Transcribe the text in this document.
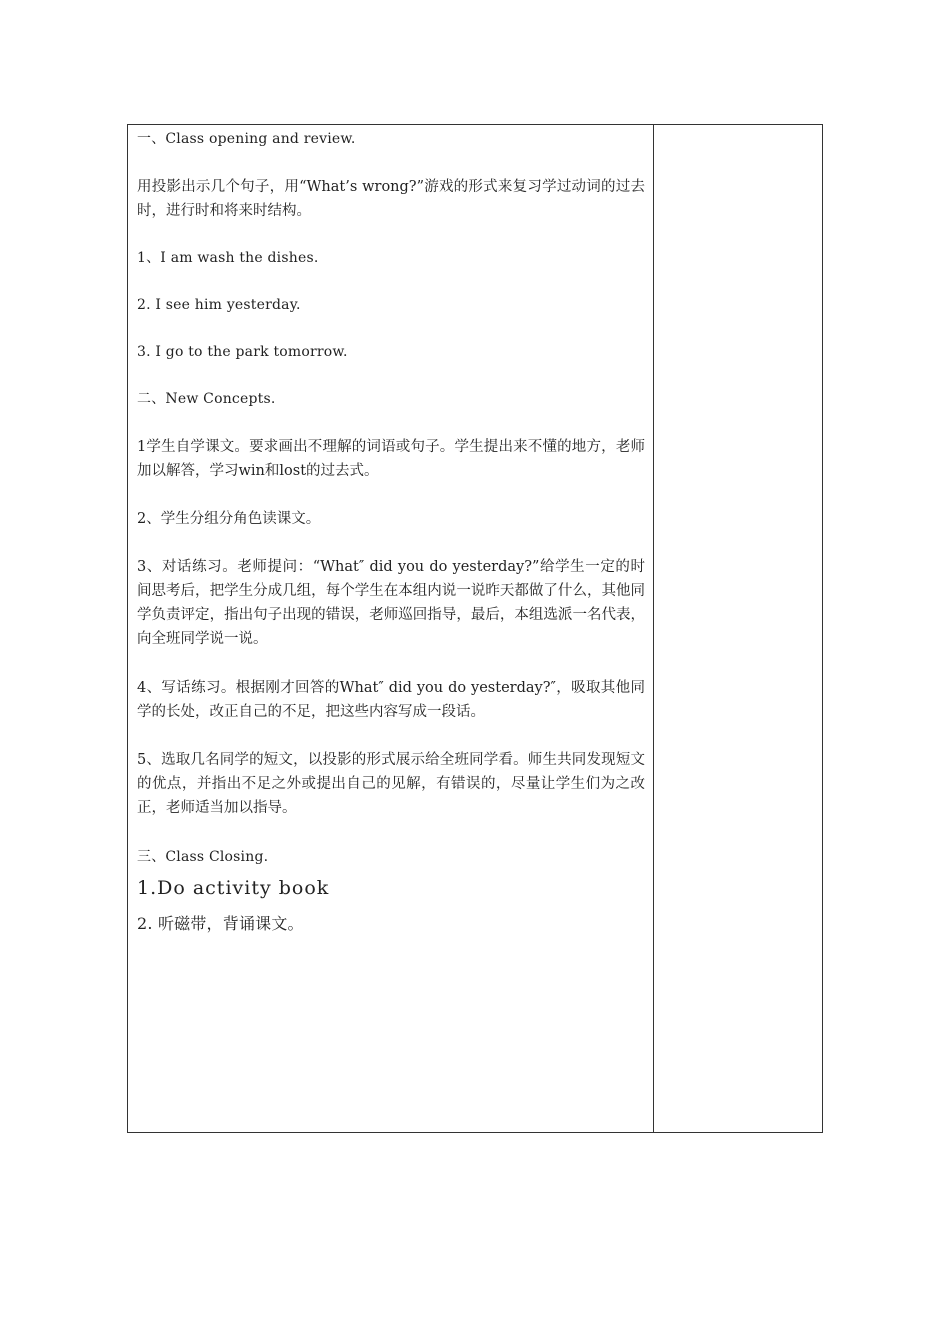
一、Class opening and review.
用投影出示几个句子，用“What’s wrong?”游戏的形式来复习学过动词的过去时，进行时和将来时结构。
1、I am wash the dishes.
2. I see him yesterday.
3. I go to the park tomorrow.
二、New Concepts.
1学生自学课文。要求画出不理解的词语或句子。学生提出来不懂的地方，老师加以解答，学习win和lost的过去式。
2、学生分组分角色读课文。
3、对话练习。老师提问：“What″ did you do yesterday?”给学生一定的时间思考后，把学生分成几组，每个学生在本组内说一说昨天都做了什么，其他同学负责评定，指出句子出现的错误，老师巡回指导，最后，本组选派一名代表，向全班同学说一说。
4、写话练习。根据刚才回答的What″ did you do yesterday?″，吸取其他同学的长处，改正自己的不足，把这些内容写成一段话。
5、选取几名同学的短文，以投影的形式展示给全班同学看。师生共同发现短文的优点，并指出不足之外或提出自己的见解，有错误的，尽量让学生们为之改正，老师适当加以指导。
三、Class Closing.
1.Do activity book
2. 听磁带，背诵课文。
